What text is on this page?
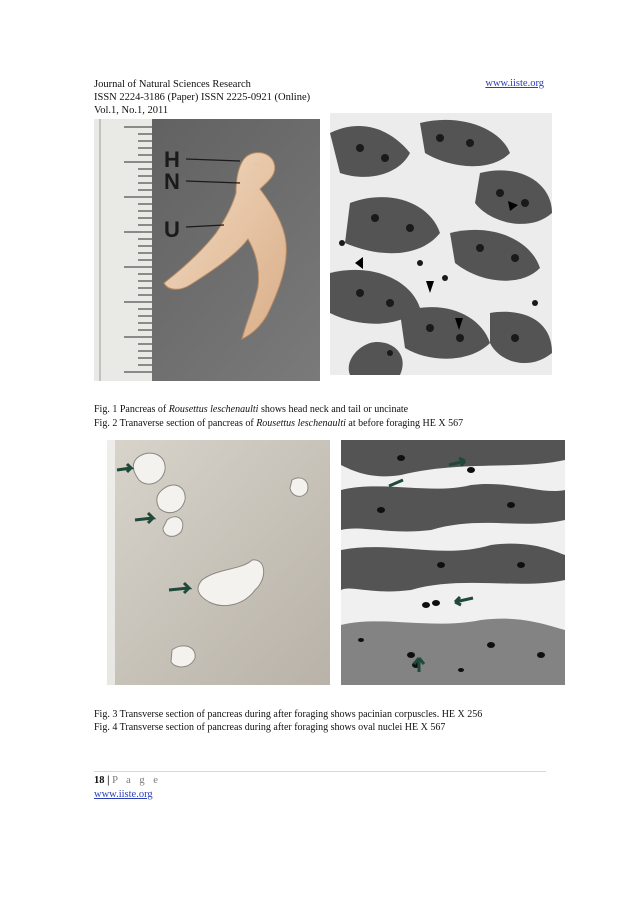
Journal of Natural Sciences Research
ISSN 2224-3186 (Paper) ISSN 2225-0921 (Online)
Vol.1, No.1, 2011
www.iiste.org
H
N
U
Fig. 1 Pancreas of Rousettus leschenaulti shows head neck and tail or uncinate
Fig. 2 Tranaverse section of pancreas of Rousettus leschenaulti at before foraging HE X 567
Fig. 3 Transverse section of pancreas during after foraging shows pacinian corpuscles. HE X 256
Fig. 4 Transverse section of pancreas during after foraging shows oval nuclei HE X 567
18 | P a g e
www.iiste.org
